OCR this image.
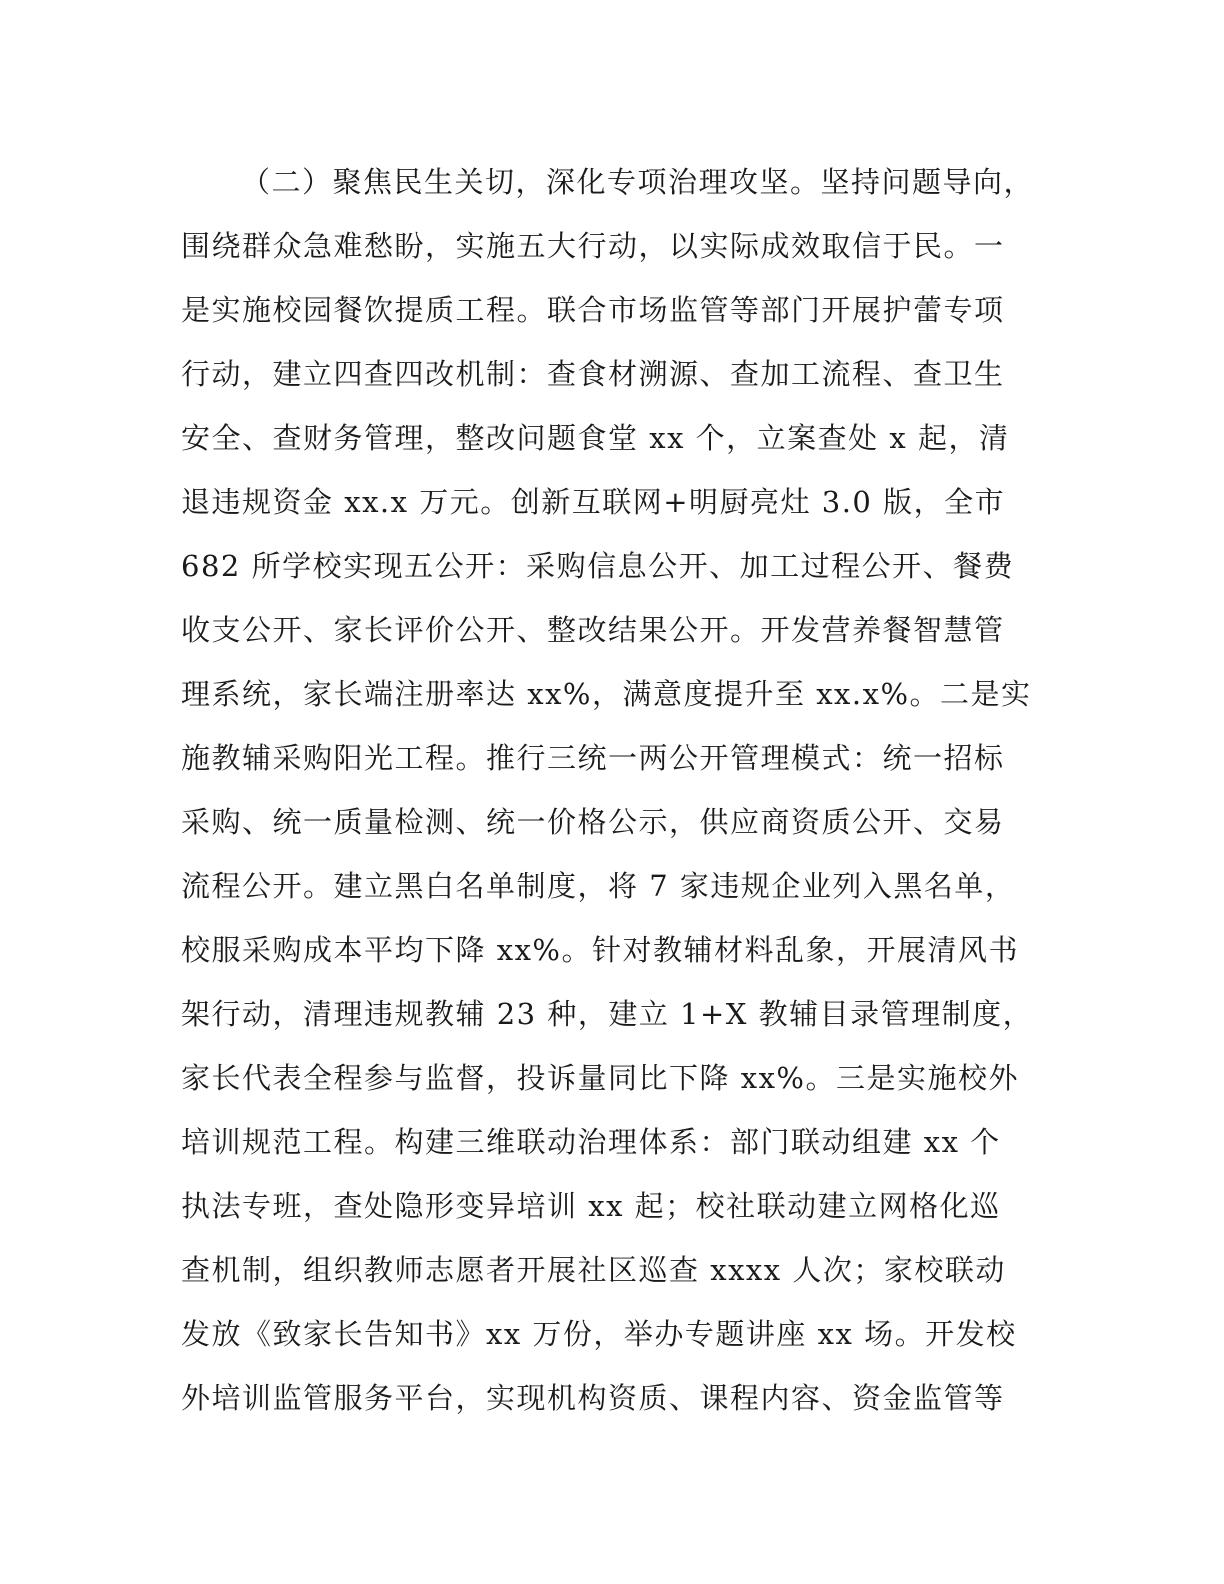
（二）聚焦民生关切，深化专项治理攻坚。坚持问题导向，
围绕群众急难愁盼，实施五大行动，以实际成效取信于民。一
是实施校园餐饮提质工程。联合市场监管等部门开展护蕾专项
行动，建立四查四改机制：查食材溯源、查加工流程、查卫生
安全、查财务管理，整改问题食堂 xx 个，立案查处 x 起，清
退违规资金 xx.x 万元。创新互联网+明厨亮灶 3.0 版，全市
682 所学校实现五公开：采购信息公开、加工过程公开、餐费
收支公开、家长评价公开、整改结果公开。开发营养餐智慧管
理系统，家长端注册率达 xx%，满意度提升至 xx.x%。二是实
施教辅采购阳光工程。推行三统一两公开管理模式：统一招标
采购、统一质量检测、统一价格公示，供应商资质公开、交易
流程公开。建立黑白名单制度，将 7 家违规企业列入黑名单，
校服采购成本平均下降 xx%。针对教辅材料乱象，开展清风书
架行动，清理违规教辅 23 种，建立 1+X 教辅目录管理制度，
家长代表全程参与监督，投诉量同比下降 xx%。三是实施校外
培训规范工程。构建三维联动治理体系：部门联动组建 xx 个
执法专班，查处隐形变异培训 xx 起；校社联动建立网格化巡
查机制，组织教师志愿者开展社区巡查 xxxx 人次；家校联动
发放《致家长告知书》xx 万份，举办专题讲座 xx 场。开发校
外培训监管服务平台，实现机构资质、课程内容、资金监管等
